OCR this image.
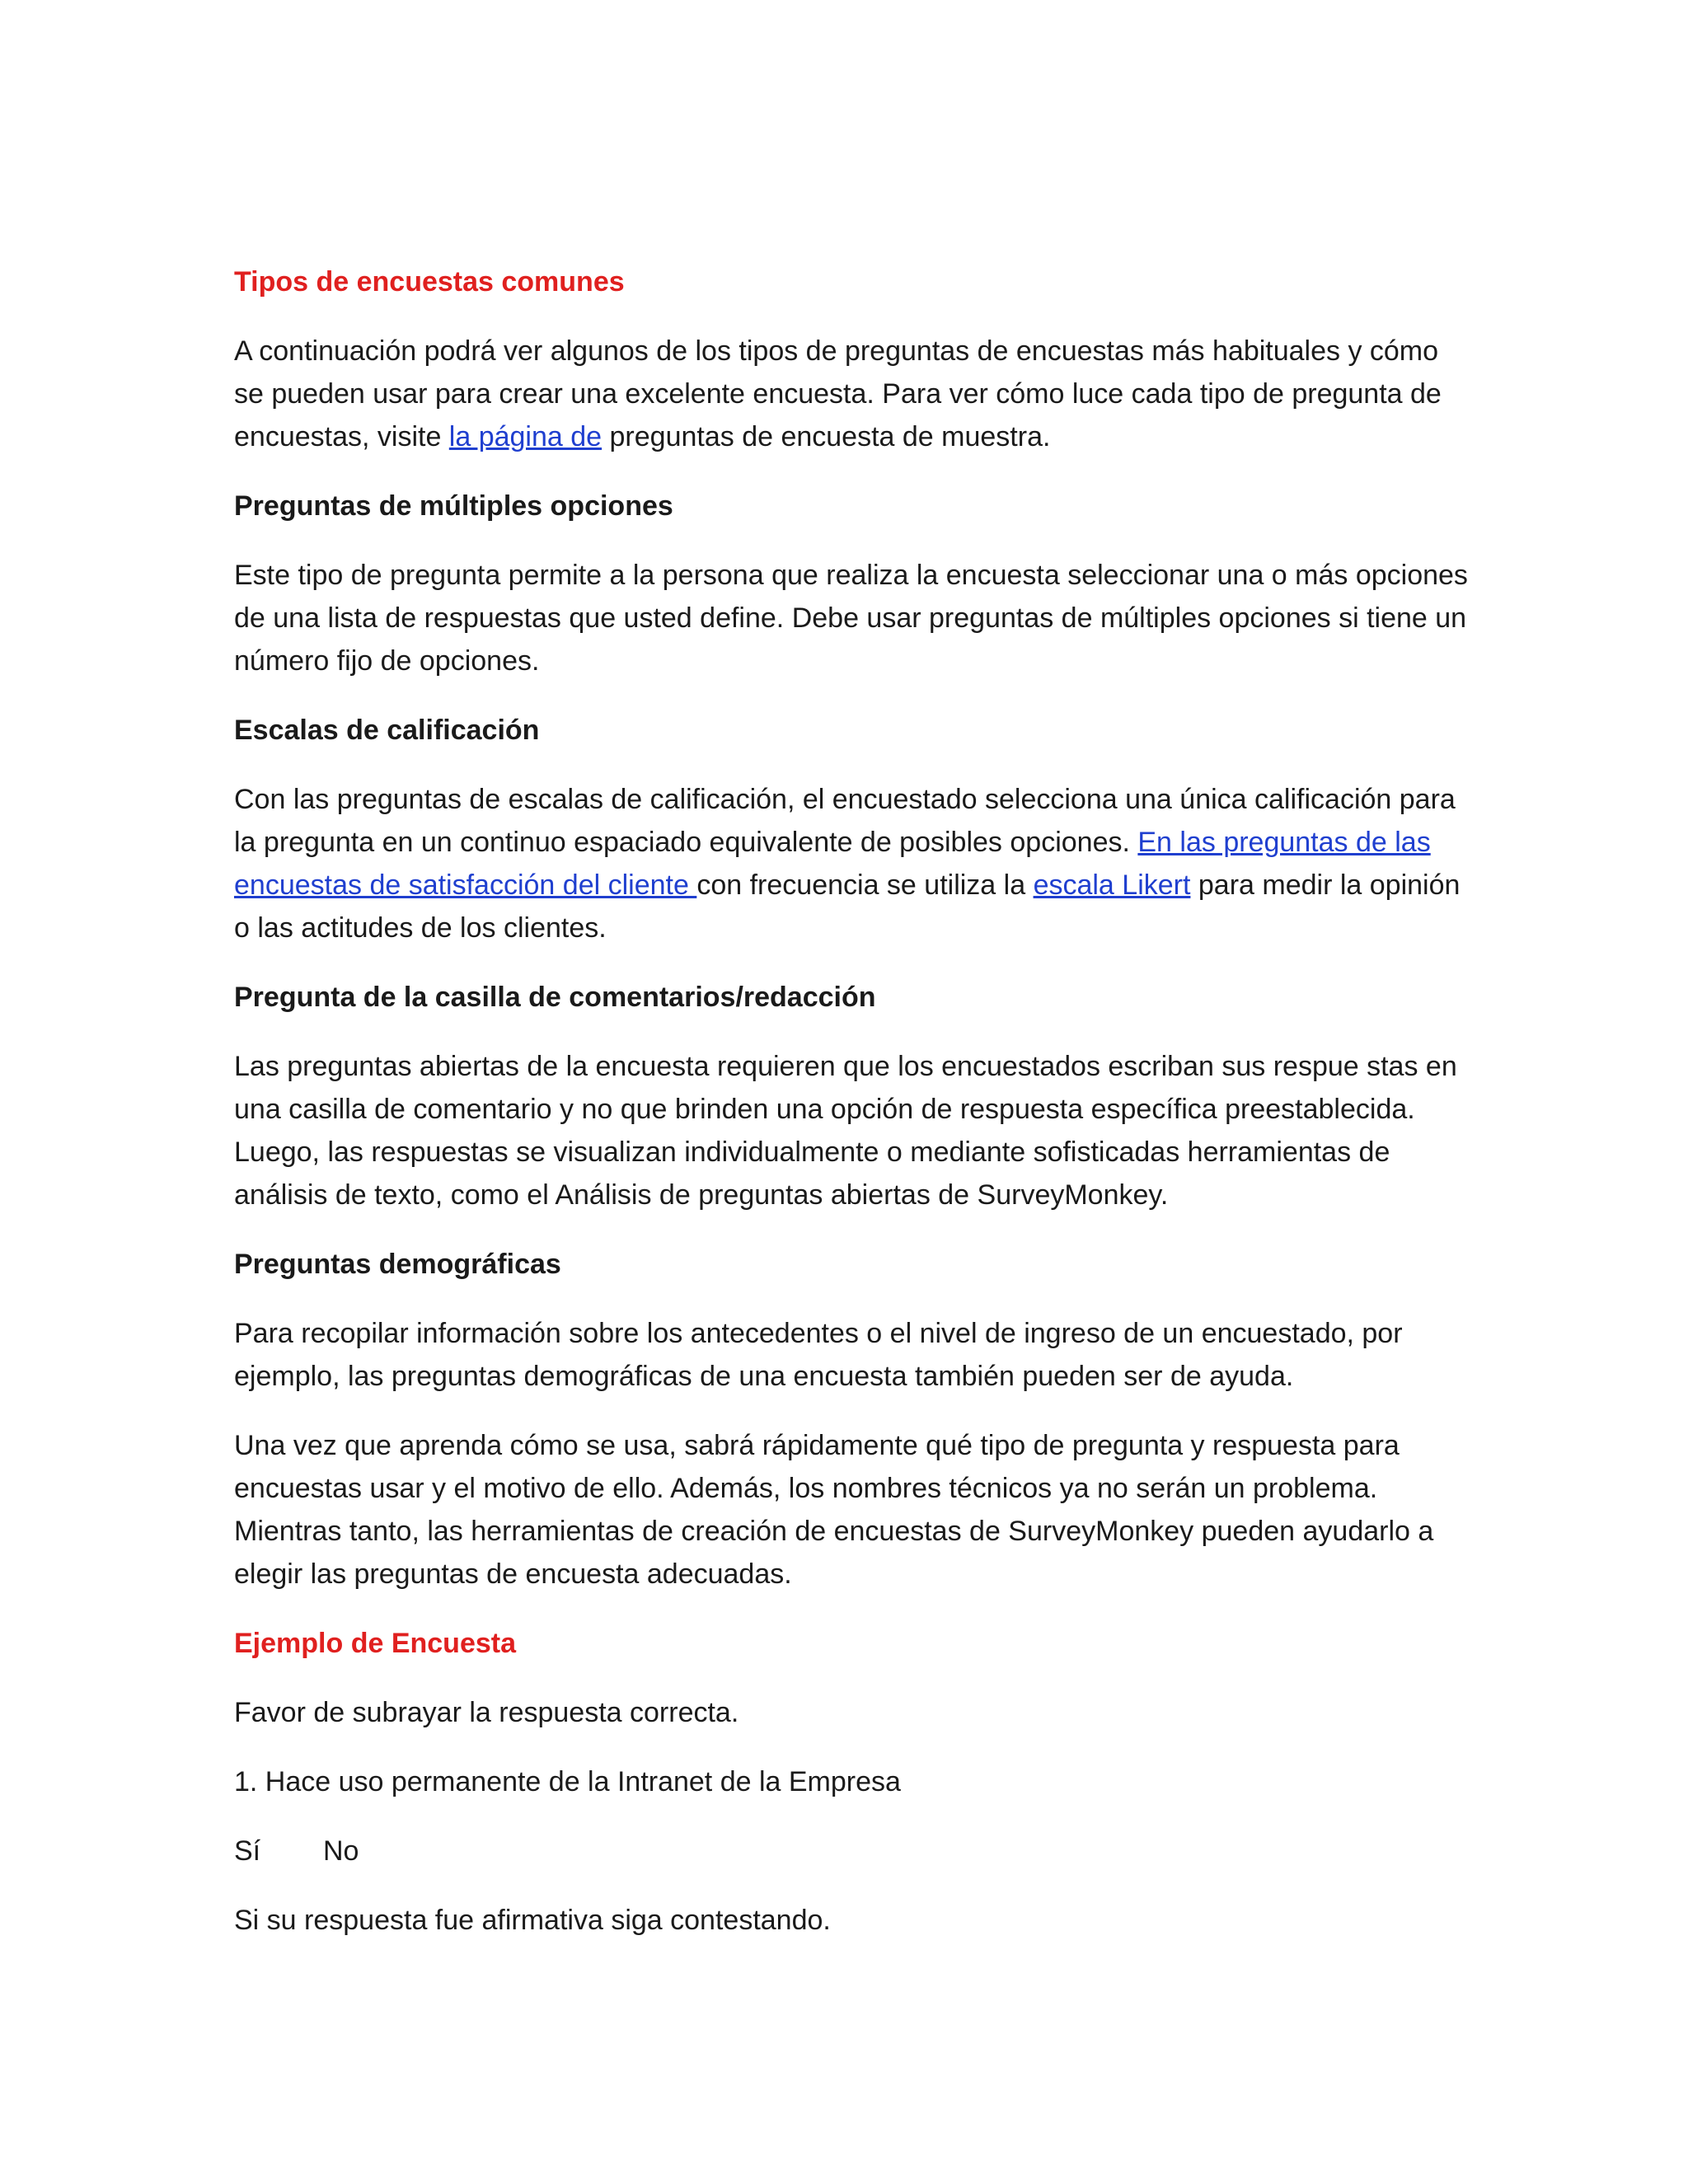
Tipos de encuestas comunes

A continuación podrá ver algunos de los tipos de preguntas de encuestas más habituales y cómo se pueden usar para crear una excelente encuesta. Para ver cómo luce cada tipo de pregunta de encuestas, visite la página de preguntas de encuesta de muestra.

Preguntas de múltiples opciones

Este tipo de pregunta permite a la persona que realiza la encuesta seleccionar una o más opciones de una lista de respuestas que usted define. Debe usar preguntas de múltiples opciones si tiene un número fijo de opciones.

Escalas de calificación

Con las preguntas de escalas de calificación, el encuestado selecciona una única calificación para la pregunta en un continuo espaciado equivalente de posibles opciones. En las preguntas de las encuestas de satisfacción del cliente con frecuencia se utiliza la escala Likert para medir la opinión o las actitudes de los clientes.

Pregunta de la casilla de comentarios/redacción

Las preguntas abiertas de la encuesta requieren que los encuestados escriban sus respue stas en una casilla de comentario y no que brinden una opción de respuesta específica preestablecida. Luego, las respuestas se visualizan individualmente o mediante sofisticadas herramientas de análisis de texto, como el Análisis de preguntas abiertas de SurveyMonkey.

Preguntas demográficas

Para recopilar información sobre los antecedentes o el nivel de ingreso de un encuestado, por ejemplo, las preguntas demográficas de una encuesta también pueden ser de ayuda.

Una vez que aprenda cómo se usa, sabrá rápidamente qué tipo de pregunta y respuesta para encuestas usar y el motivo de ello. Además, los nombres técnicos ya no serán un problema. Mientras tanto, las herramientas de creación de encuestas de SurveyMonkey pueden ayudarlo a elegir las preguntas de encuesta adecuadas.

Ejemplo de Encuesta

Favor de subrayar la respuesta correcta.

1. Hace uso permanente de la Intranet de la Empresa

Sí No

Si su respuesta fue afirmativa siga contestando.
